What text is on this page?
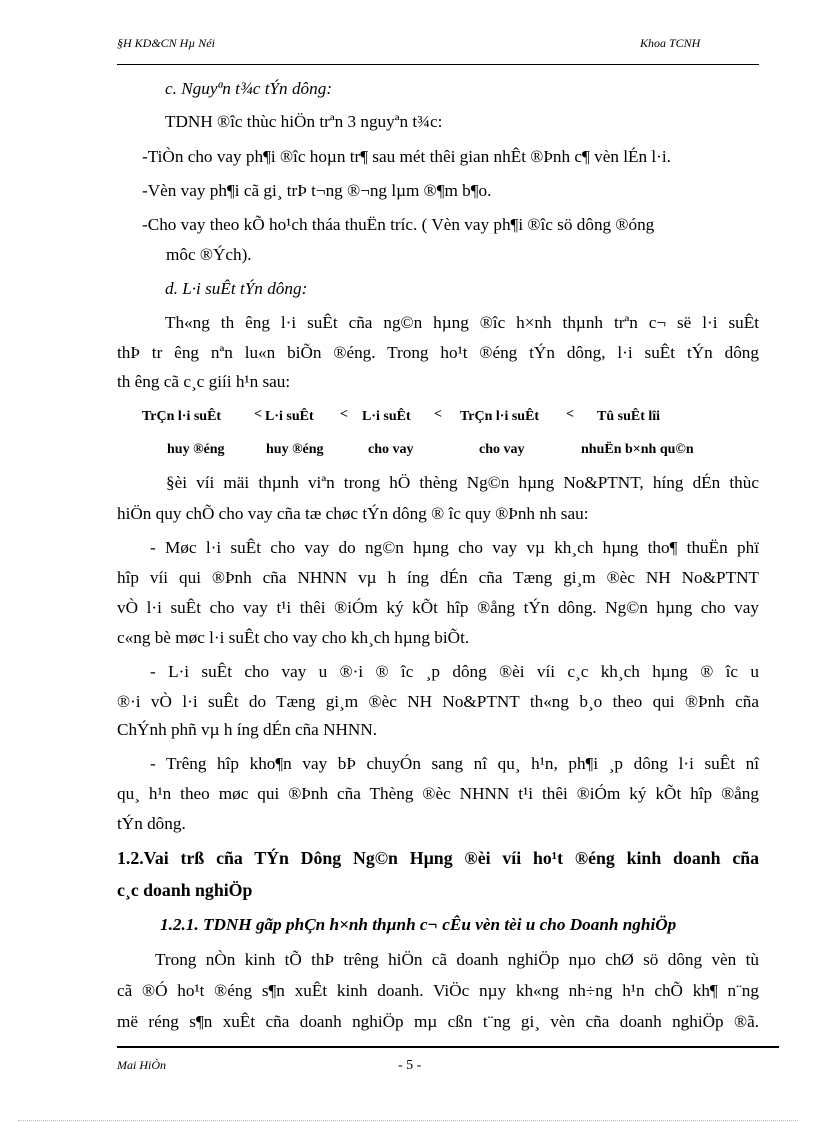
§H KD&CN Hµ Néi	Khoa TCNH
c. Nguyªn t¾c tÝn dông:
TDNH ®îc thùc hiÖn trªn 3 nguyªn t¾c:
-TiÒn cho vay ph¶i ®îc hoµn tr¶ sau mét thêi gian nhÊt ®Þnh c¶ vèn lÉn l·i.
-Vèn vay ph¶i cã gi¸ trÞ t¬ng ®¬ng lµm ®¶m b¶o.
-Cho vay theo kÕ ho¹ch tháa thuËn tríc. ( Vèn vay ph¶i ®îc sö dông ®óng
môc ®Ých).
d. L·i suÊt tÝn dông:
Th«ng th êng l·i suÊt cña ng©n hµng ®îc h×nh thµnh trªn c¬ së l·i suÊt
thÞ tr êng nªn lu«n biÕn ®éng. Trong ho¹t ®éng tÝn dông, l·i suÊt tÝn dông
th êng cã c¸c giíi h¹n sau:
TrÇn l·i suÊt < L·i suÊt < L·i suÊt < TrÇn l·i suÊt < Tû suÊt lîi
huy ®éng	huy ®éng	cho vay	cho vay	nhuËn b×nh qu©n
§èi víi mäi thµnh viªn trong hÖ thèng Ng©n hµng No&PTNT, híng dÉn thùc
hiÖn quy chÕ cho vay cña tæ chøc tÝn dông ® îc quy ®Þnh nh sau:
- Møc l·i suÊt cho vay do ng©n hµng cho vay vµ kh¸ch hµng tho¶ thuËn phï
hîp víi qui ®Þnh cña NHNN vµ h íng dÉn cña Tæng gi¸m ®èc NH No&PTNT
vÒ l·i suÊt cho vay t¹i thêi ®iÓm ký kÕt hîp ®ång tÝn dông. Ng©n hµng cho vay
c«ng bè møc l·i suÊt cho vay cho kh¸ch hµng biÕt.
- L·i suÊt cho vay u ®·i ® îc ¸p dông ®èi víi c¸c kh¸ch hµng ® îc u
®·i vÒ l·i suÊt do Tæng gi¸m ®èc NH No&PTNT th«ng b¸o theo qui ®Þnh cña
ChÝnh phñ vµ h íng dÉn cña NHNN.
- Trêng hîp kho¶n vay bÞ chuyÓn sang nî qu¸ h¹n, ph¶i ¸p dông l·i suÊt nî
qu¸ h¹n theo møc qui ®Þnh cña Thèng ®èc NHNN t¹i thêi ®iÓm ký kÕt hîp ®ång
tÝn dông.
1.2.Vai trß cña TÝn Dông Ng©n Hµng ®èi víi ho¹t ®éng kinh doanh cña
c¸c doanh nghiÖp
1.2.1. TDNH gãp phÇn h×nh thµnh c¬ cÊu vèn tèi u cho Doanh nghiÖp
Trong nÒn kinh tÕ thÞ trêng hiÖn cã doanh nghiÖp nµo chØ sö dông vèn tù
cã ®Ó ho¹t ®éng s¶n xuÊt kinh doanh. ViÖc nµy kh«ng nh÷ng h¹n chÕ kh¶ n¨ng
më réng s¶n xuÊt cña doanh nghiÖp mµ cßn t¨ng gi¸ vèn cña doanh nghiÖp ®ã.
Mai HiÒn	- 5 -
